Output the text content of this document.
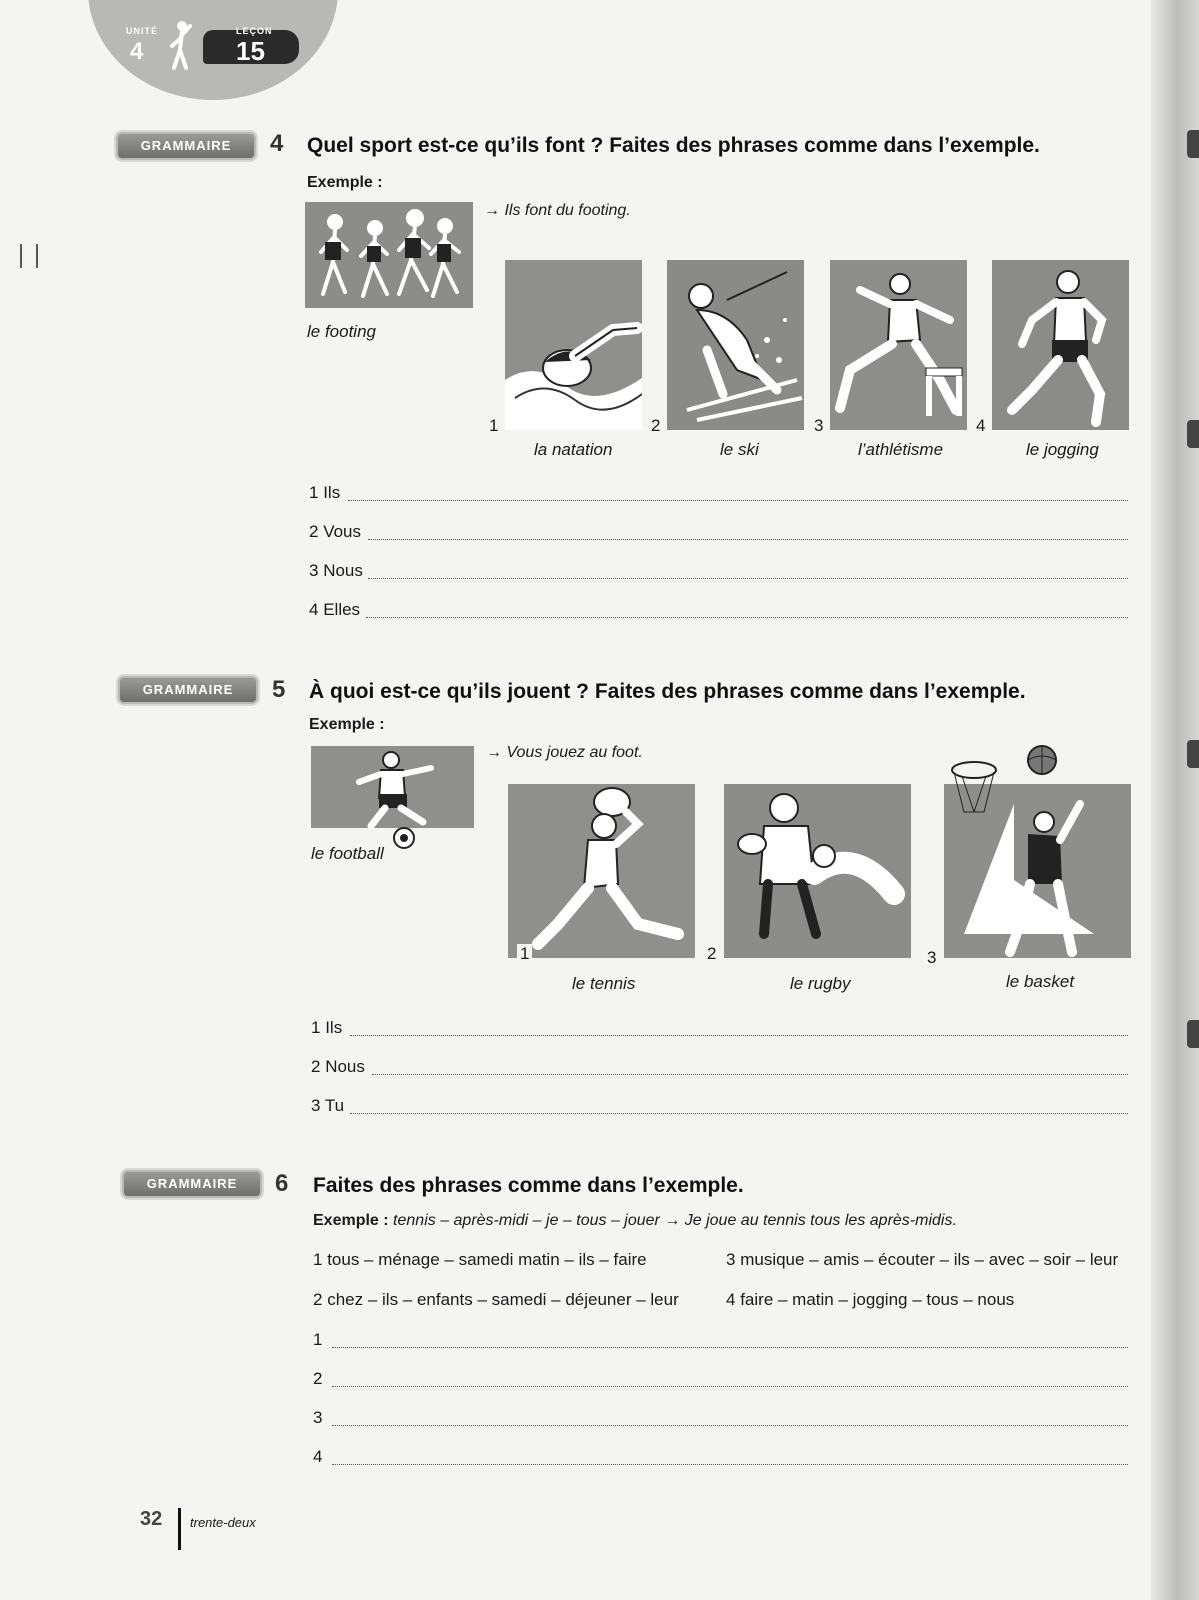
UNITÉ
4
LEÇON
15
GRAMMAIRE	4 Quel sport est-ce qu’ils font ? Faites des phrases comme dans l’exemple.
Exemple :
→ Ils font du footing.
le footing
1
la natation
2
le ski
3
l’athlétisme
4
le jogging
1 Ils
2 Vous
3 Nous
4 Elles
GRAMMAIRE	5 À quoi est-ce qu’ils jouent ? Faites des phrases comme dans l’exemple.
Exemple :
→ Vous jouez au foot.
le football
1
le tennis
2
le rugby
3
le basket
1 Ils
2 Nous
3 Tu
GRAMMAIRE	6 Faites des phrases comme dans l’exemple.
Exemple : tennis – après-midi – je – tous – jouer → Je joue au tennis tous les après-midis.
1 tous – ménage – samedi matin – ils – faire	3 musique – amis – écouter – ils – avec – soir – leur
2 chez – ils – enfants – samedi – déjeuner – leur	4 faire – matin – jogging – tous – nous
1
2
3
4
32 trente-deux
